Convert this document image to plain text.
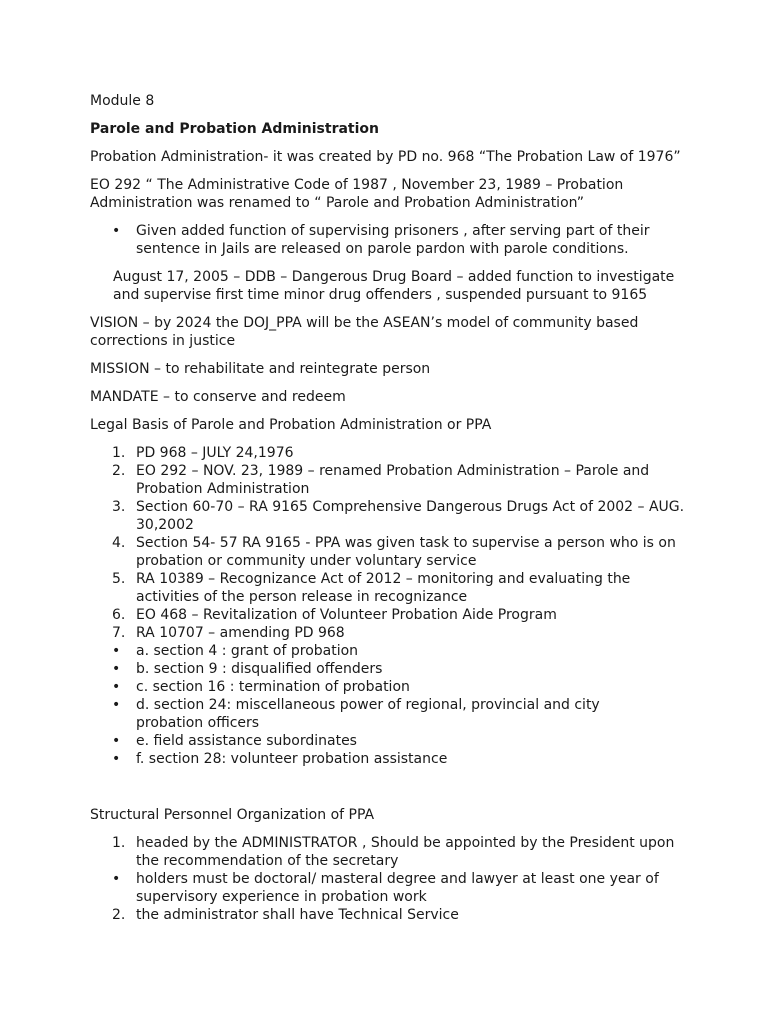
Module 8

Parole and Probation Administration

Probation Administration- it was created by PD no. 968 “The Probation Law of 1976”

EO 292 “ The Administrative Code of 1987 , November 23, 1989 – Probation Administration was renamed to “ Parole and Probation Administration”

•	Given added function of supervising prisoners , after serving part of their sentence in Jails are released on parole pardon with parole conditions.

August 17, 2005 – DDB – Dangerous Drug Board – added function to investigate and supervise first time minor drug offenders , suspended pursuant to 9165

VISION – by 2024 the DOJ_PPA will be the ASEAN’s model of community based corrections in justice

MISSION – to rehabilitate and reintegrate person

MANDATE – to conserve and redeem

Legal Basis of Parole and Probation Administration or PPA

1. PD 968 – JULY 24,1976
2. EO 292 – NOV. 23, 1989 – renamed Probation Administration – Parole and Probation Administration
3. Section 60-70 – RA 9165 Comprehensive Dangerous Drugs Act of 2002 – AUG. 30,2002
4. Section 54- 57 RA 9165 - PPA was given task to supervise a person who is on probation or community under voluntary service
5. RA 10389 – Recognizance Act of 2012 – monitoring and evaluating the activities of the person release in recognizance
6. EO 468 – Revitalization of Volunteer Probation Aide Program
7. RA 10707 – amending PD 968
•	a. section 4 : grant of probation
•	b. section 9 : disqualified offenders
•	c. section 16 : termination of probation
•	d. section 24: miscellaneous power of regional, provincial and city probation officers
•	e. field assistance subordinates
•	f. section 28: volunteer probation assistance

Structural Personnel Organization of PPA

1. headed by the ADMINISTRATOR , Should be appointed by the President upon the recommendation of the secretary
•	holders must be doctoral/ masteral degree and lawyer at least one year of supervisory experience in probation work
2. the administrator shall have Technical Service
